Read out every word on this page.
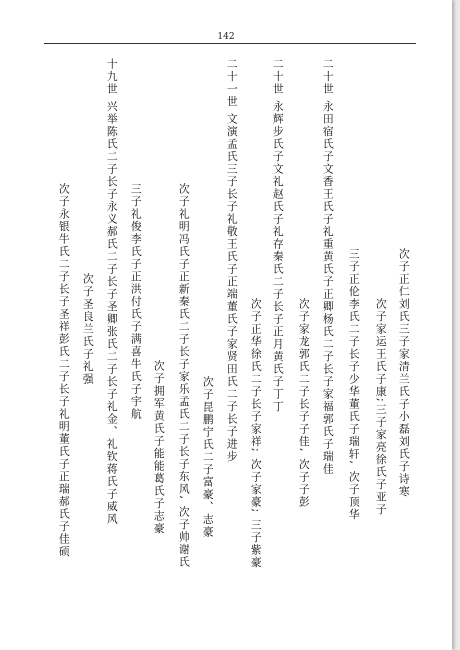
142
次子正仁刘氏三子家清兰氏子小磊刘氏子诗寒
次子家运王氏子康;三子家亮徐氏子亚子
三子正伦李氏二子长子少华董氏子瑞轩, 次子顶华
二十世 永田宿氏子文香王氏子礼重黄氏子正卿杨氏二子长子家福郭氏子瑞佳
次子家龙郭氏二子长子子佳, 次子子彭
二十世 永辉步氏子文礼赵氏子礼存秦氏二子长子正月黄氏子丁丁
次子正华徐氏二子长子家祥; 次子家豪; 三子紫豪
二十一世 文演孟氏三子长子礼敬王氏子正端董氏子家贤田氏二子长子进步
次子昆鹏宁氏二子富豪、志豪
次子礼明冯氏子正新秦氏二子长子家乐孟氏二子长子东风, 次子帅谢氏
次子拥军黄氏子能能葛氏子志豪
三子礼俊李氏子正洪付氏子满喜牛氏子宇航
十九世 兴举陈氏二子长子永义郝氏二子长子圣卿张氏二子长子礼金、礼钦蒋氏子威风
次子圣良兰氏子礼强
次子永银牛氏二子长子圣祥彭氏二子长子礼明董氏子正瑞郝氏子佳硕
